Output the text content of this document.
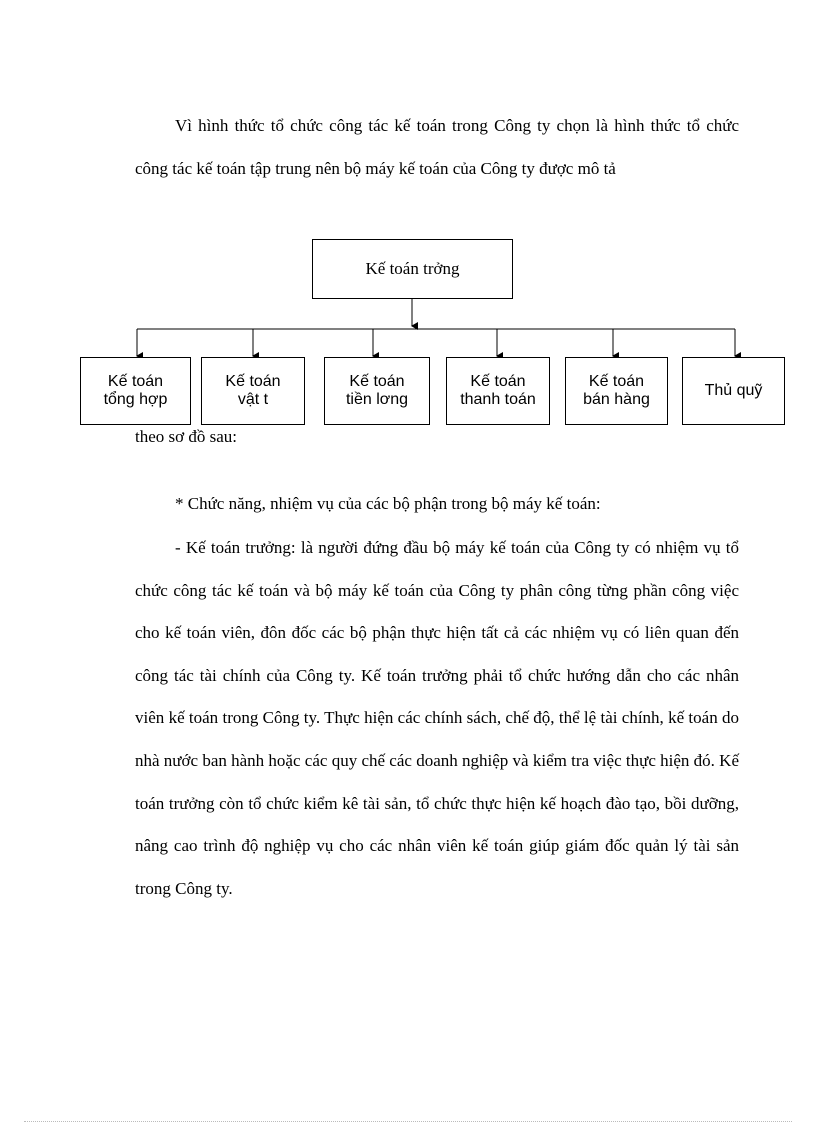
Vì hình thức tổ chức công tác kế toán trong Công ty chọn là hình thức tổ chức công tác kế toán tập trung nên bộ máy kế toán của Công ty được mô tả

Kế toán trởng
Kế toán
tổng hợp
Kế toán
vật t
Kế toán
tiền lơng
Kế toán
thanh toán
Kế toán
bán hàng
Thủ quỹ

theo sơ đồ sau:

* Chức năng, nhiệm vụ của các bộ phận trong bộ máy kế toán:

- Kế toán trưởng: là người đứng đầu bộ máy kế toán của Công ty có nhiệm vụ tổ chức công tác kế toán và bộ máy kế toán của Công ty phân công từng phần công việc cho kế toán viên, đôn đốc các bộ phận thực hiện tất cả các nhiệm vụ có liên quan đến công tác tài chính của Công ty. Kế toán trưởng phải tổ chức hướng dẫn cho các nhân viên kế toán trong Công ty. Thực hiện các chính sách, chế độ, thể lệ tài chính, kế toán do nhà nước ban hành hoặc các quy chế các doanh nghiệp và kiểm tra việc thực hiện đó. Kế toán trưởng còn tổ chức kiểm kê tài sản, tổ chức thực hiện kế hoạch đào tạo, bồi dưỡng, nâng cao trình độ nghiệp vụ cho các nhân viên kế toán giúp giám đốc quản lý tài sản trong Công ty.
